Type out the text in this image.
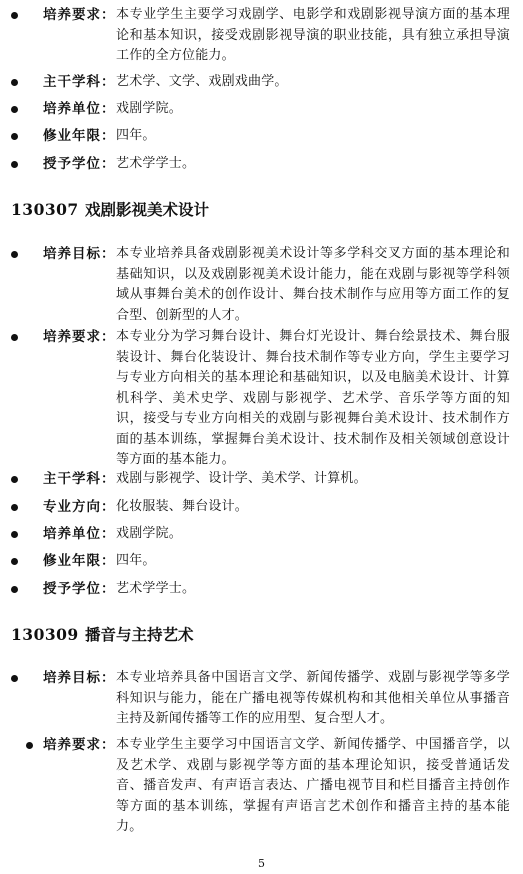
培养要求： 本专业学生主要学习戏剧学、电影学和戏剧影视导演方面的基本理论和基本知识，接受戏剧影视导演的职业技能，具有独立承担导演工作的全方位能力。
主干学科： 艺术学、文学、戏剧戏曲学。
培养单位： 戏剧学院。
修业年限： 四年。
授予学位： 艺术学学士。
130307 戏剧影视美术设计
培养目标： 本专业培养具备戏剧影视美术设计等多学科交叉方面的基本理论和基础知识，以及戏剧影视美术设计能力，能在戏剧与影视等学科领域从事舞台美术的创作设计、舞台技术制作与应用等方面工作的复合型、创新型的人才。
培养要求： 本专业分为学习舞台设计、舞台灯光设计、舞台绘景技术、舞台服装设计、舞台化装设计、舞台技术制作等专业方向，学生主要学习与专业方向相关的基本理论和基础知识，以及电脑美术设计、计算机科学、美术史学、戏剧与影视学、艺术学、音乐学等方面的知识，接受与专业方向相关的戏剧与影视舞台美术设计、技术制作方面的基本训练，掌握舞台美术设计、技术制作及相关领域创意设计等方面的基本能力。
主干学科： 戏剧与影视学、设计学、美术学、计算机。
专业方向： 化妆服装、舞台设计。
培养单位： 戏剧学院。
修业年限： 四年。
授予学位： 艺术学学士。
130309 播音与主持艺术
培养目标： 本专业培养具备中国语言文学、新闻传播学、戏剧与影视学等多学科知识与能力，能在广播电视等传媒机构和其他相关单位从事播音主持及新闻传播等工作的应用型、复合型人才。
培养要求： 本专业学生主要学习中国语言文学、新闻传播学、中国播音学，以及艺术学、戏剧与影视学等方面的基本理论知识，接受普通话发音、播音发声、有声语言表达、广播电视节目和栏目播音主持创作等方面的基本训练，掌握有声语言艺术创作和播音主持的基本能力。
5
